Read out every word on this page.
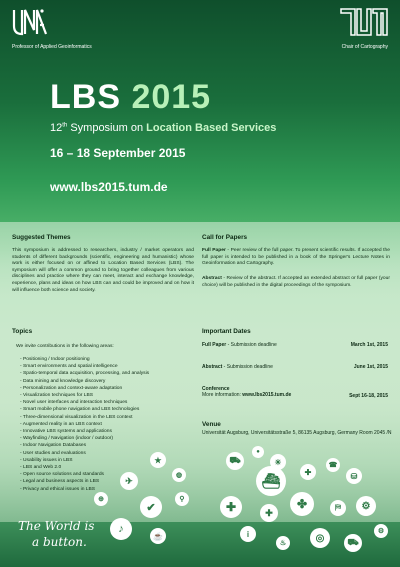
Professor of Applied Geoinformatics	Chair of Cartography
LBS 2015
12th Symposium on Location Based Services
16 – 18 September 2015
www.lbs2015.tum.de
Suggested Themes
This symposium is addressed to researchers, industry / market operators and students of different backgrounds (scientific, engineering and humanistic) whose work is either focused on or affined to Location Based Services (LBS). The symposium will offer a common ground to bring together colleagues from various disciplines and practice where they can meet, interact and exchange knowledge, experience, plans and ideas on how LBS can and could be improved and on how it will influence both science and society.
Call for Papers
Full Paper - Peer review of the full paper. To present scientific results. If accepted the full paper is intended to be published in a book of the Springer's Lecture Notes in Geoinformation and Cartography.
Abstract - Review of the abstract. If accepted an extended abstract or full paper (your choice) will be published in the digital proceedings of the symposium.
Topics
We invite contributions in the following areas:
- Positioning / Indoor positioning
- Smart environments and spatial intelligence
- Spatio-temporal data acquisition, processing, and analysis
- Data mining and knowledge discovery
- Personalization and context-aware adaptation
- Visualization techniques for LBS
- Novel user interfaces and interaction techniques
- Smart mobile phone navigation and LBS technologies
- Three-dimensional visualization in the LBS context
- Augmented reality in an LBS context
- Innovative LBS systems and applications
- Wayfinding / Navigation (indoor / outdoor)
- Indoor Navigation Databases
- User studies and evaluations
- Usability issues in LBS
- LBS and Web 2.0
- Open source solutions and standards
- Legal and business aspects in LBS
- Privacy and ethical issues in LBS
Important Dates
Full Paper - Submission deadline	March 1st, 2015
Abstract - Submission deadline	June 1st, 2015
Conference
More information: www.lbs2015.tum.de	Sept 16-18, 2015
Venue
Universität Augsburg, Universitätsstraße 5, 86135 Augsburg, Germany Room 2045 /N
★
◍
✈
⊕
✔
⚲
♪
☕
⛟
●
☀
⛴
✚
☎
⛁
✚	✚
✤	⛿	⚙
i
♨	◎	⛟
⚙
The World is
a button.
